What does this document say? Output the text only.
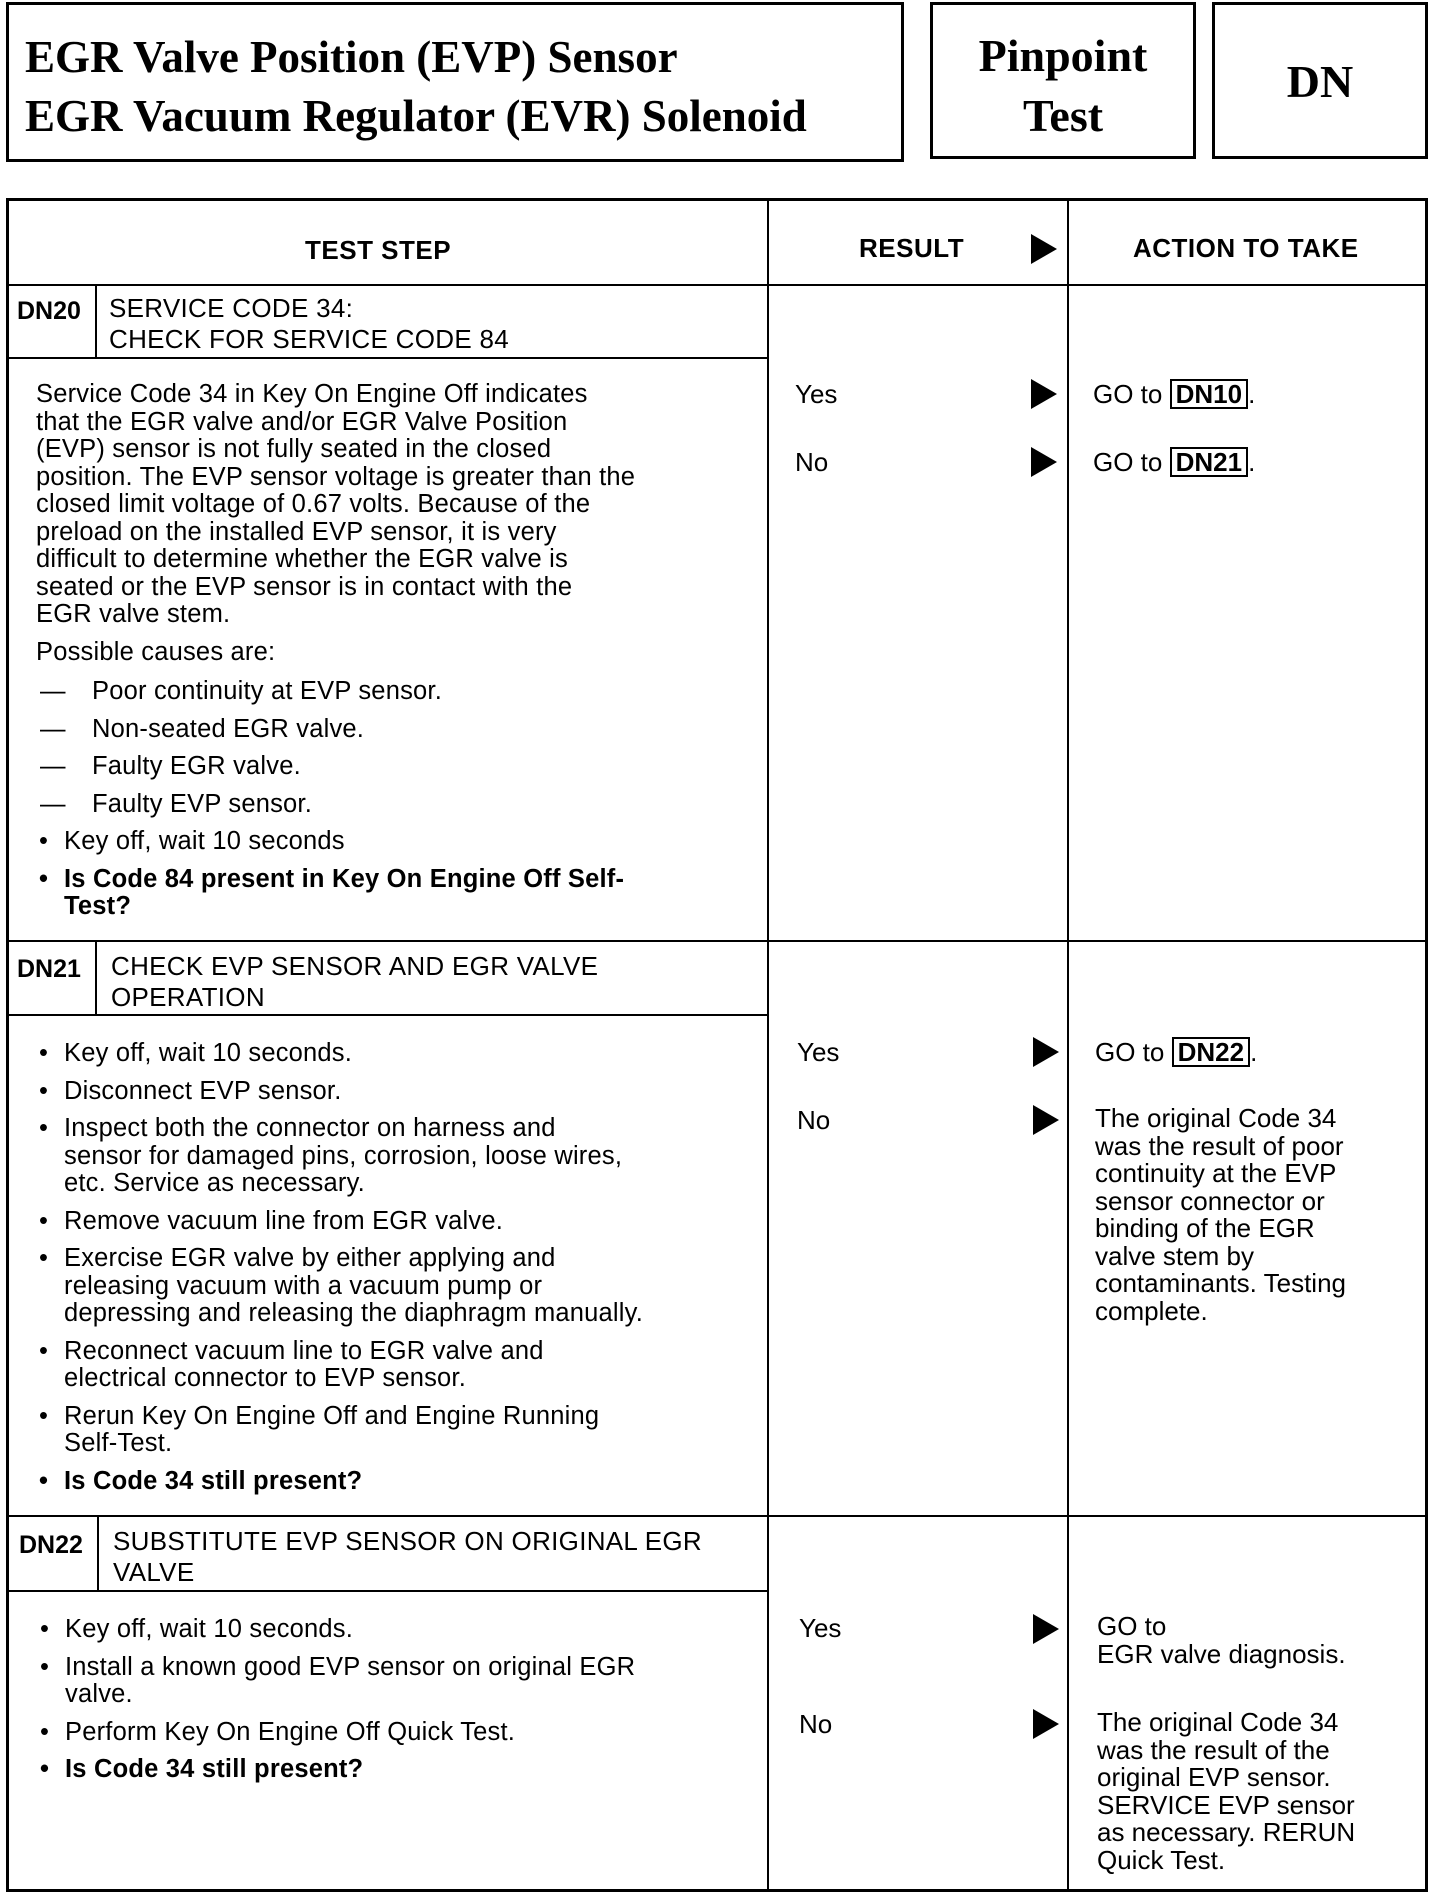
EGR Valve Position (EVP) Sensor
EGR Vacuum Regulator (EVR) Solenoid
Pinpoint
Test
DN
TEST STEP	RESULT	ACTION TO TAKE
DN20 SERVICE CODE 34:
CHECK FOR SERVICE CODE 84
Service Code 34 in Key On Engine Off indicates
that the EGR valve and/or EGR Valve Position
(EVP) sensor is not fully seated in the closed
position. The EVP sensor voltage is greater than the
closed limit voltage of 0.67 volts. Because of the
preload on the installed EVP sensor, it is very
difficult to determine whether the EGR valve is
seated or the EVP sensor is in contact with the
EGR valve stem.
Possible causes are:
— Poor continuity at EVP sensor.
— Non-seated EGR valve.
— Faulty EGR valve.
— Faulty EVP sensor.
• Key off, wait 10 seconds
• Is Code 84 present in Key On Engine Off Self-
Test?
Yes	GO to DN10 .
No	GO to DN21 .
DN21 CHECK EVP SENSOR AND EGR VALVE
OPERATION
• Key off, wait 10 seconds.
• Disconnect EVP sensor.
• Inspect both the connector on harness and
sensor for damaged pins, corrosion, loose wires,
etc. Service as necessary.
• Remove vacuum line from EGR valve.
• Exercise EGR valve by either applying and
releasing vacuum with a vacuum pump or
depressing and releasing the diaphragm manually.
• Reconnect vacuum line to EGR valve and
electrical connector to EVP sensor.
• Rerun Key On Engine Off and Engine Running
Self-Test.
• Is Code 34 still present?
Yes	GO to DN22 .
No	The original Code 34
was the result of poor
continuity at the EVP
sensor connector or
binding of the EGR
valve stem by
contaminants. Testing
complete.
DN22 SUBSTITUTE EVP SENSOR ON ORIGINAL EGR
VALVE
• Key off, wait 10 seconds.
• Install a known good EVP sensor on original EGR
valve.
• Perform Key On Engine Off Quick Test.
• Is Code 34 still present?
Yes	GO to
EGR valve diagnosis.
No	The original Code 34
was the result of the
original EVP sensor.
SERVICE EVP sensor
as necessary. RERUN
Quick Test.
